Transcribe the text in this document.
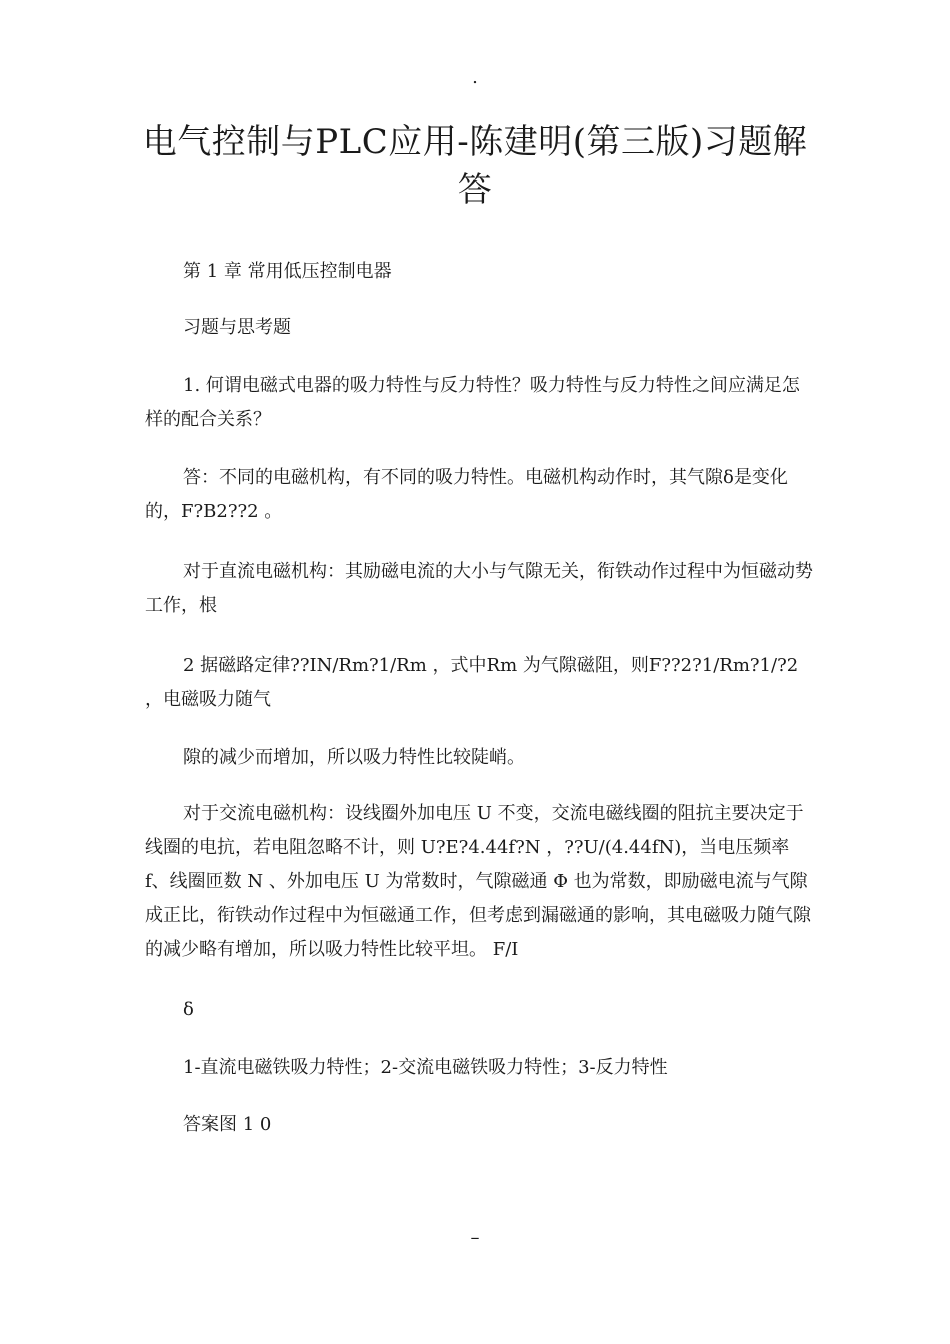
.
电气控制与PLC应用-陈建明(第三版)习题解答

第 1 章 常用低压控制电器

习题与思考题

1. 何谓电磁式电器的吸力特性与反力特性？吸力特性与反力特性之间应满足怎样的配合关系？

答：不同的电磁机构，有不同的吸力特性。电磁机构动作时，其气隙δ是变化的，F?B2??2 。

对于直流电磁机构：其励磁电流的大小与气隙无关，衔铁动作过程中为恒磁动势工作，根

2 据磁路定律??IN/Rm?1/Rm ，式中Rm 为气隙磁阻，则F??2?1/Rm?1/?2 ，电磁吸力随气

隙的减少而增加，所以吸力特性比较陡峭。

对于交流电磁机构：设线圈外加电压 U 不变，交流电磁线圈的阻抗主要决定于线圈的电抗，若电阻忽略不计，则 U?E?4.44f?N ，??U/(4.44fN)，当电压频率 f、线圈匝数 N 、外加电压 U 为常数时，气隙磁通 Φ 也为常数，即励磁电流与气隙成正比，衔铁动作过程中为恒磁通工作，但考虑到漏磁通的影响，其电磁吸力随气隙的减少略有增加，所以吸力特性比较平坦。 F/I

δ

1-直流电磁铁吸力特性；2-交流电磁铁吸力特性；3-反力特性

答案图 1 0

–
